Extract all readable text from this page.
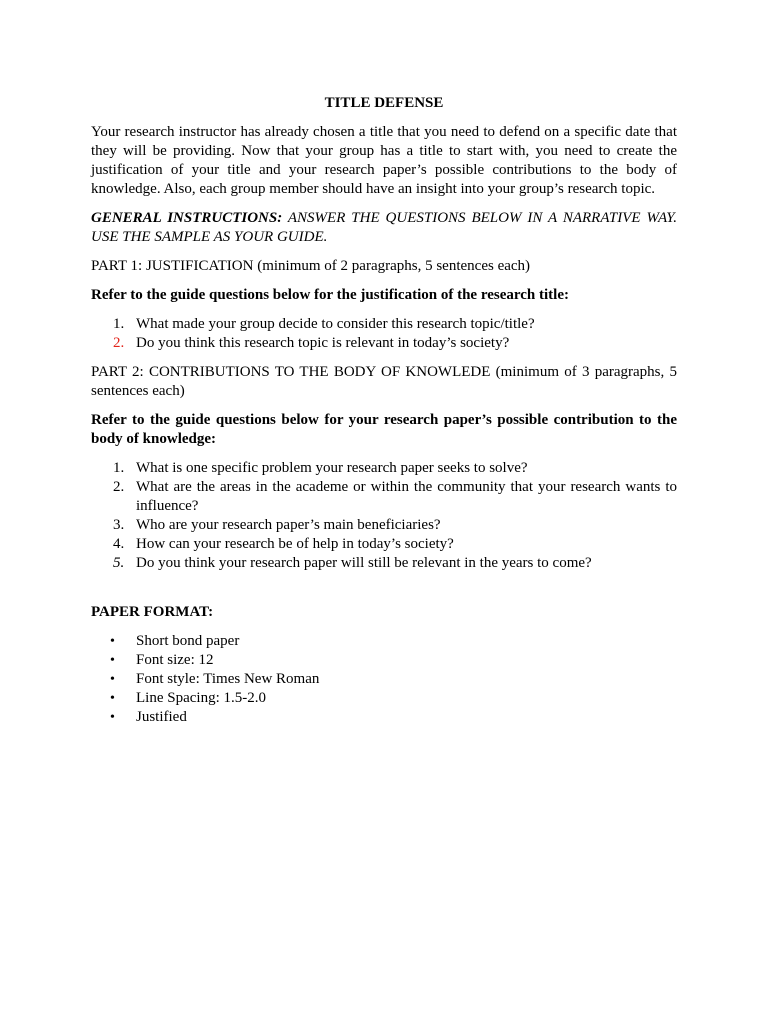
TITLE DEFENSE

Your research instructor has already chosen a title that you need to defend on a specific date that they will be providing. Now that your group has a title to start with, you need to create the justification of your title and your research paper’s possible contributions to the body of knowledge. Also, each group member should have an insight into your group’s research topic.

GENERAL INSTRUCTIONS: ANSWER THE QUESTIONS BELOW IN A NARRATIVE WAY. USE THE SAMPLE AS YOUR GUIDE.

PART 1: JUSTIFICATION (minimum of 2 paragraphs, 5 sentences each)

Refer to the guide questions below for the justification of the research title:

1. What made your group decide to consider this research topic/title?
2. Do you think this research topic is relevant in today’s society?

PART 2: CONTRIBUTIONS TO THE BODY OF KNOWLEDE (minimum of 3 paragraphs, 5 sentences each)

Refer to the guide questions below for your research paper’s possible contribution to the body of knowledge:

1. What is one specific problem your research paper seeks to solve?
2. What are the areas in the academe or within the community that your research wants to influence?
3. Who are your research paper’s main beneficiaries?
4. How can your research be of help in today’s society?
5. Do you think your research paper will still be relevant in the years to come?

PAPER FORMAT:

•	Short bond paper
•	Font size: 12
•	Font style: Times New Roman
•	Line Spacing: 1.5-2.0
•	Justified
